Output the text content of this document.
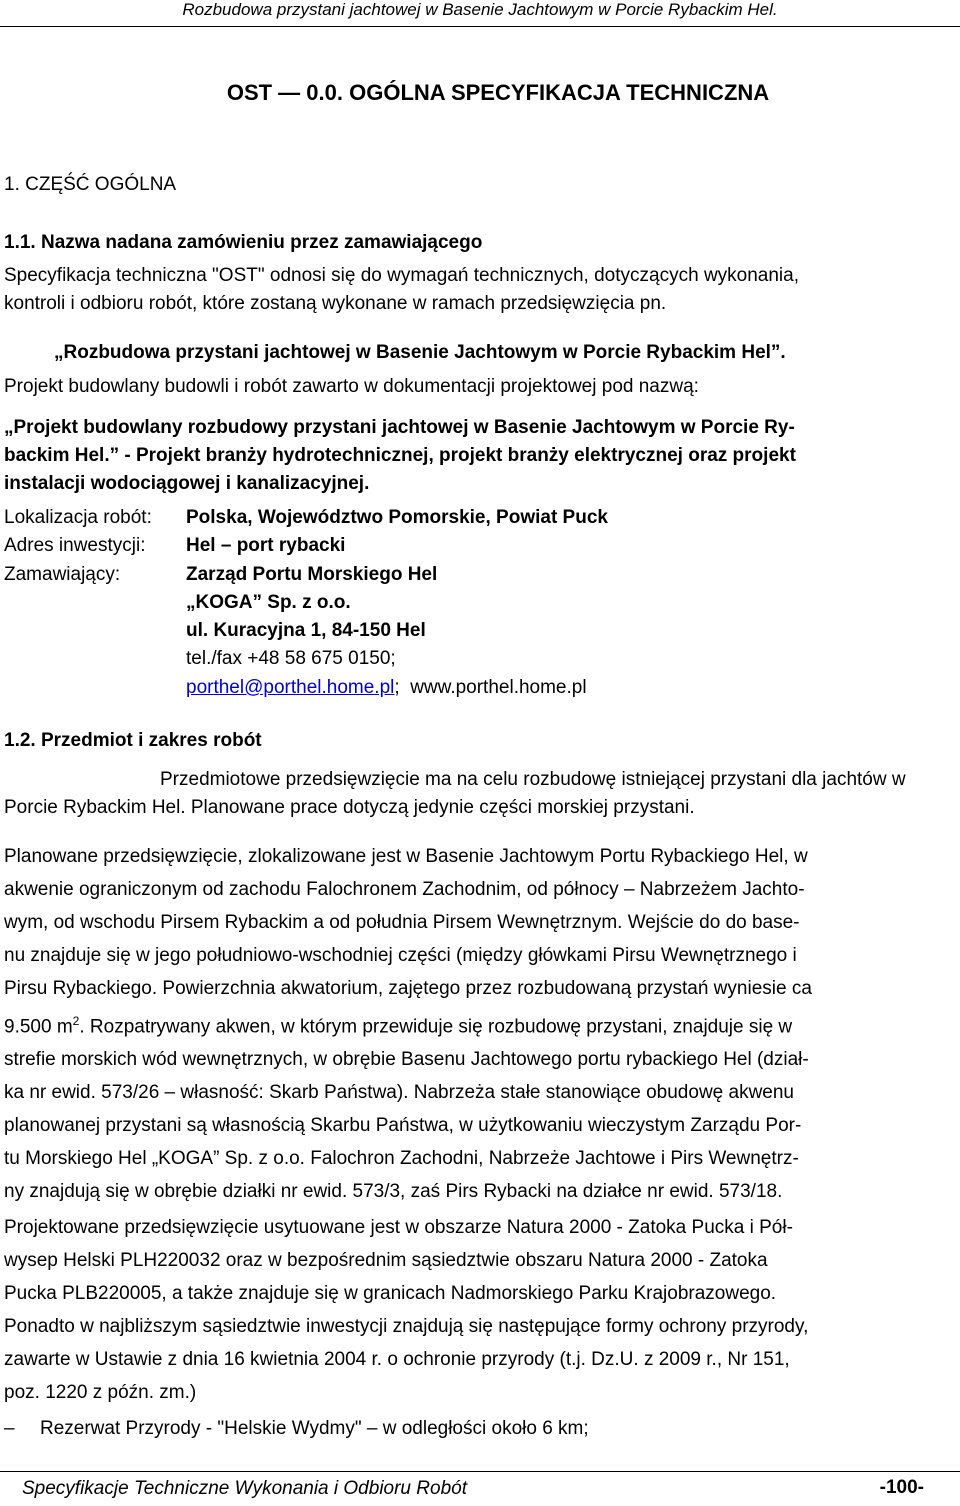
Rozbudowa przystani jachtowej w Basenie Jachtowym w Porcie Rybackim Hel.
OST — 0.0. OGÓLNA SPECYFIKACJA TECHNICZNA
1. CZĘŚĆ OGÓLNA
1.1. Nazwa nadana zamówieniu przez zamawiającego
Specyfikacja techniczna "OST" odnosi się do wymagań technicznych, dotyczących wykonania,
kontroli i odbioru robót, które zostaną wykonane w ramach przedsięwzięcia pn.
„Rozbudowa przystani jachtowej w Basenie Jachtowym w Porcie Rybackim Hel”.
Projekt budowlany budowli i robót zawarto w dokumentacji projektowej pod nazwą:
„Projekt budowlany rozbudowy przystani jachtowej w Basenie Jachtowym w Porcie Ry-
backim Hel.” - Projekt branży hydrotechnicznej, projekt branży elektrycznej oraz projekt
instalacji wodociągowej i kanalizacyjnej.
Lokalizacja robót: Polska, Województwo Pomorskie, Powiat Puck
Adres inwestycji: Hel – port rybacki
Zamawiający:	Zarząd Portu Morskiego Hel
„KOGA” Sp. z o.o.
ul. Kuracyjna 1, 84-150 Hel
tel./fax +48 58 675 0150;
porthel@porthel.home.pl;  www.porthel.home.pl
1.2. Przedmiot i zakres robót
Przedmiotowe przedsięwzięcie ma na celu rozbudowę istniejącej przystani dla jachtów w
Porcie Rybackim Hel. Planowane prace dotyczą jedynie części morskiej przystani.
Planowane przedsięwzięcie, zlokalizowane jest w Basenie Jachtowym Portu Rybackiego Hel, w
akwenie ograniczonym od zachodu Falochronem Zachodnim, od północy – Nabrzeżem Jachto-
wym, od wschodu Pirsem Rybackim a od południa Pirsem Wewnętrznym. Wejście do do base-
nu znajduje się w jego południowo-wschodniej części (między główkami Pirsu Wewnętrznego i
Pirsu Rybackiego. Powierzchnia akwatorium, zajętego przez rozbudowaną przystań wyniesie ca
9.500 $m^2$. Rozpatrywany akwen, w którym przewiduje się rozbudowę przystani, znajduje się w
strefie morskich wód wewnętrznych, w obrębie Basenu Jachtowego portu rybackiego Hel (dział-
ka nr ewid. 573/26 – własność: Skarb Państwa). Nabrzeża stałe stanowiące obudowę akwenu
planowanej przystani są własnością Skarbu Państwa, w użytkowaniu wieczystym Zarządu Por-
tu Morskiego Hel „KOGA” Sp. z o.o. Falochron Zachodni, Nabrzeże Jachtowe i Pirs Wewnętrz-
ny znajdują się w obrębie działki nr ewid. 573/3, zaś Pirs Rybacki na działce nr ewid. 573/18.
Projektowane przedsięwzięcie usytuowane jest w obszarze Natura 2000 - Zatoka Pucka i Pół-
wysep Helski PLH220032 oraz w bezpośrednim sąsiedztwie obszaru Natura 2000 - Zatoka
Pucka PLB220005, a także znajduje się w granicach Nadmorskiego Parku Krajobrazowego.
Ponadto w najbliższym sąsiedztwie inwestycji znajdują się następujące formy ochrony przyrody,
zawarte w Ustawie z dnia 16 kwietnia 2004 r. o ochronie przyrody (t.j. Dz.U. z 2009 r., Nr 151,
poz. 1220 z późn. zm.)
– Rezerwat Przyrody - "Helskie Wydmy" – w odległości około 6 km;
Specyfikacje Techniczne Wykonania i Odbioru Robót	-100-
